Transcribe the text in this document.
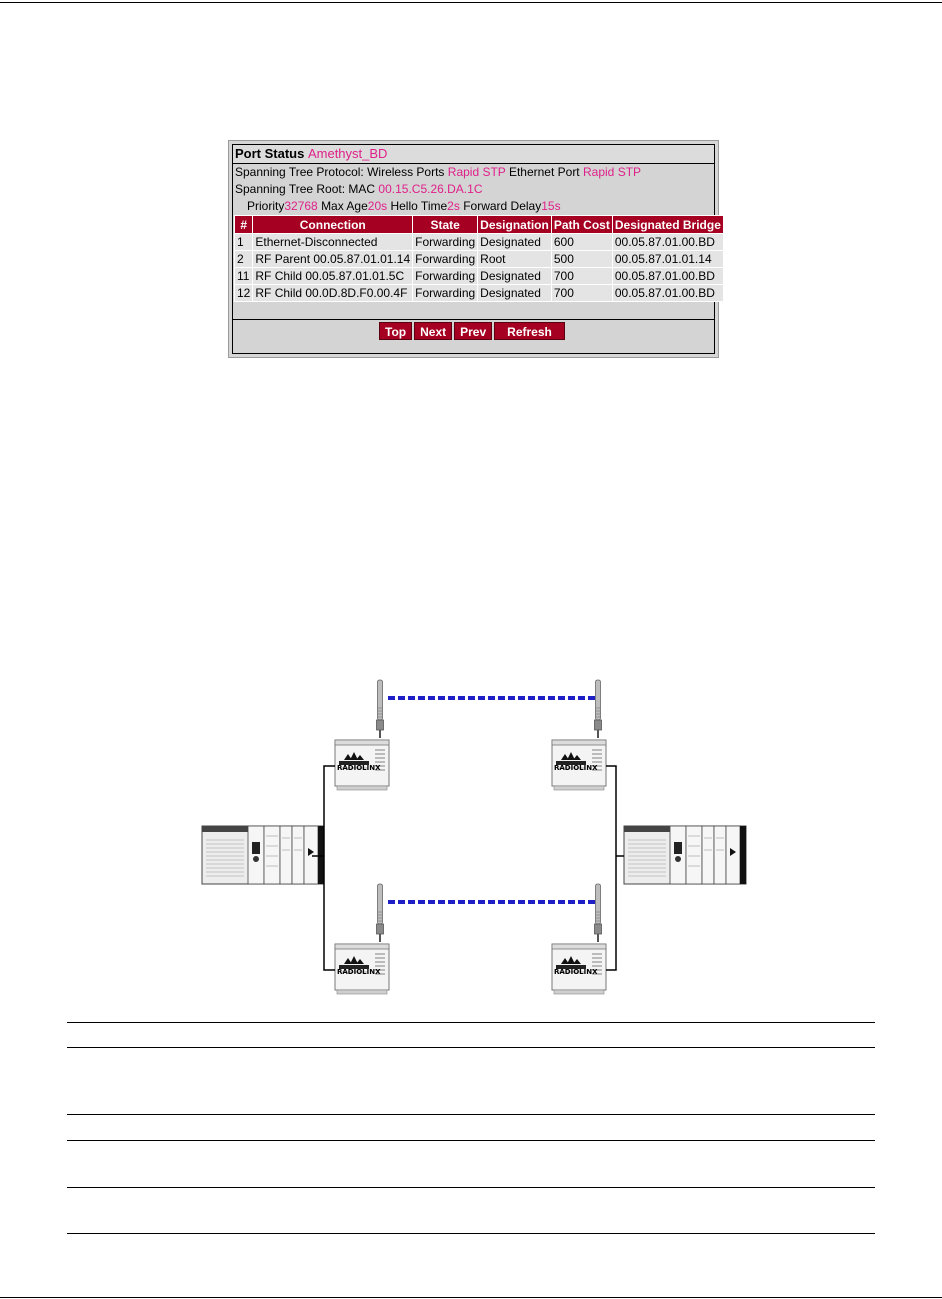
Port Status Amethyst_BD
Spanning Tree Protocol: Wireless Ports Rapid STP Ethernet Port Rapid STP
Spanning Tree Root: MAC 00.15.C5.26.DA.1C
Priority32768 Max Age20s Hello Time2s Forward Delay15s
#	Connection	State	Designation	Path Cost	Designated Bridge
1	Ethernet-Disconnected	Forwarding	Designated	600	00.05.87.01.00.BD
2	RF Parent 00.05.87.01.01.14	Forwarding	Root	500	00.05.87.01.01.14
11	RF Child 00.05.87.01.01.5C	Forwarding	Designated	700	00.05.87.01.00.BD
12	RF Child 00.0D.8D.F0.00.4F	Forwarding	Designated	700	00.05.87.01.00.BD
Top	Next	Prev	Refresh
RADIOLINX	RADIOLINX
RADIOLINX	RADIOLINX
